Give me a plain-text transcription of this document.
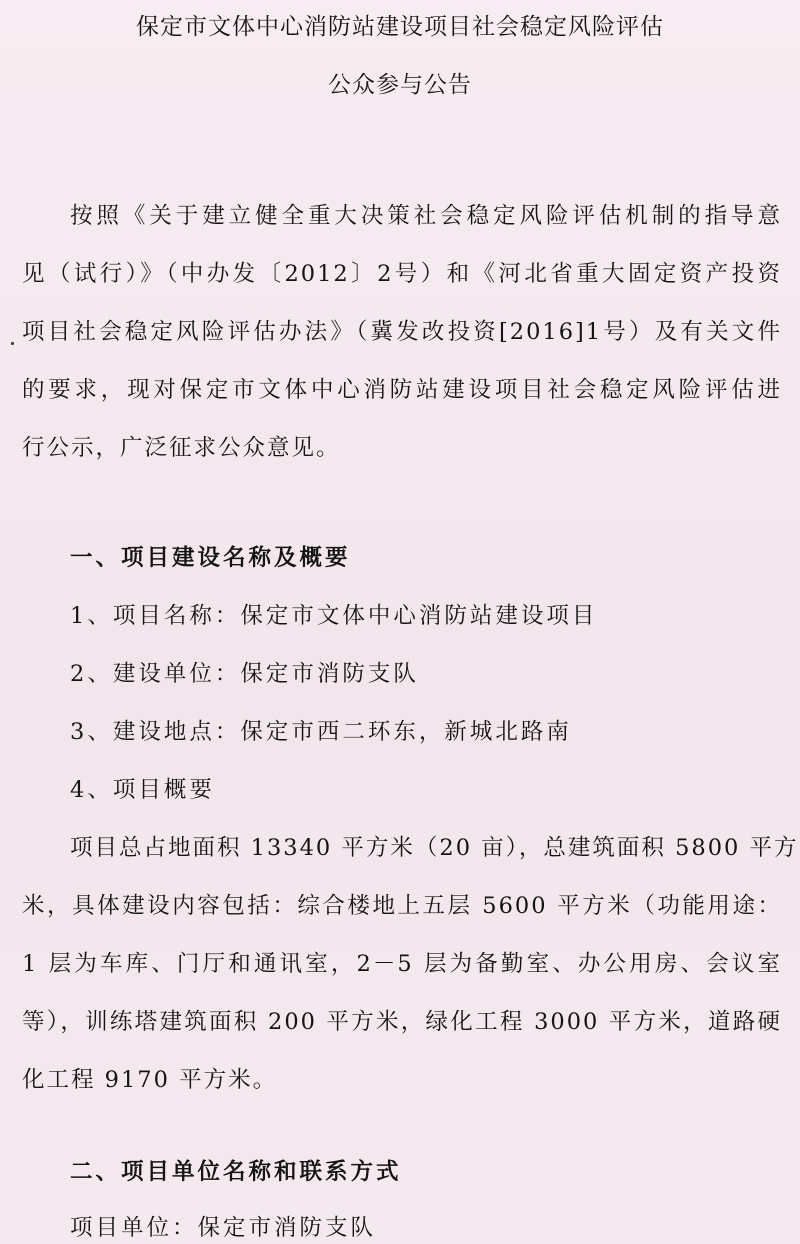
保定市文体中心消防站建设项目社会稳定风险评估
公众参与公告
按照《关于建立健全重大决策社会稳定风险评估机制的指导意
见（试行）》（中办发〔2012〕2号）和《河北省重大固定资产投资
项目社会稳定风险评估办法》（冀发改投资[2016]1号）及有关文件
的要求，现对保定市文体中心消防站建设项目社会稳定风险评估进
行公示，广泛征求公众意见。
一、项目建设名称及概要
1、项目名称：保定市文体中心消防站建设项目
2、建设单位：保定市消防支队
3、建设地点：保定市西二环东，新城北路南
4、项目概要
项目总占地面积 13340 平方米（20 亩），总建筑面积 5800 平方
米，具体建设内容包括：综合楼地上五层 5600 平方米（功能用途：
1 层为车库、门厅和通讯室，2－5 层为备勤室、办公用房、会议室
等），训练塔建筑面积 200 平方米，绿化工程 3000 平方米，道路硬
化工程 9170 平方米。
二、项目单位名称和联系方式
项目单位：保定市消防支队
